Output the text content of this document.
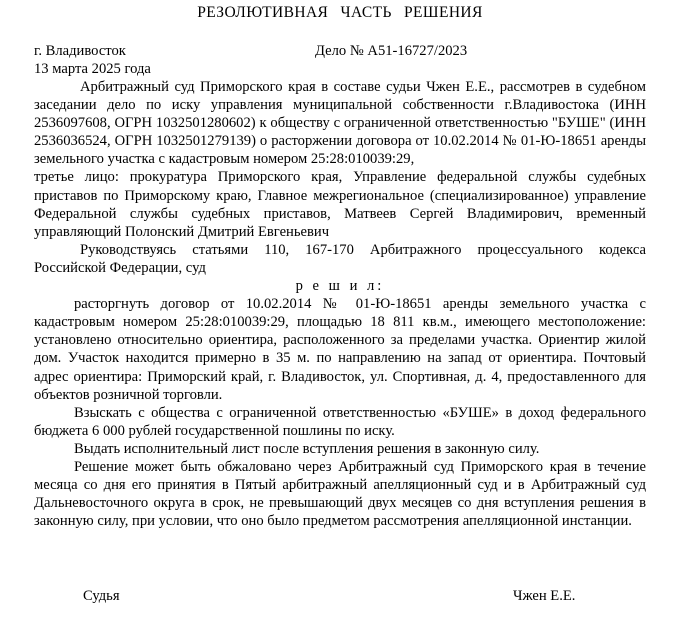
РЕЗОЛЮТИВНАЯ ЧАСТЬ РЕШЕНИЯ
г. Владивосток	Дело № А51-16727/2023
13 марта 2025 года

Арбитражный суд Приморского края в составе судьи Чжен Е.Е., рассмотрев в судебном заседании дело по иску управления муниципальной собственности г.Владивостока (ИНН 2536097608, ОГРН 1032501280602) к обществу с ограниченной ответственностью "БУШЕ" (ИНН 2536036524, ОГРН 1032501279139) о расторжении договора от 10.02.2014 № 01-Ю-18651 аренды земельного участка с кадастровым номером 25:28:010039:29,

третье лицо: прокуратура Приморского края, Управление федеральной службы судебных приставов по Приморскому краю, Главное межрегиональное (специализированное) управление Федеральной службы судебных приставов, Матвеев Сергей Владимирович, временный управляющий Полонский Дмитрий Евгеньевич

Руководствуясь статьями 110, 167-170 Арбитражного процессуального кодекса Российской Федерации, суд

р е ш и л:

расторгнуть договор от 10.02.2014 № 01-Ю-18651 аренды земельного участка с кадастровым номером 25:28:010039:29, площадью 18 811 кв.м., имеющего местоположение: установлено относительно ориентира, расположенного за пределами участка. Ориентир жилой дом. Участок находится примерно в 35 м. по направлению на запад от ориентира. Почтовый адрес ориентира: Приморский край, г. Владивосток, ул. Спортивная, д. 4, предоставленного для объектов розничной торговли.

Взыскать с общества с ограниченной ответственностью «БУШЕ» в доход федерального бюджета 6 000 рублей государственной пошлины по иску.

Выдать исполнительный лист после вступления решения в законную силу.

Решение может быть обжаловано через Арбитражный суд Приморского края в течение месяца со дня его принятия в Пятый арбитражный апелляционный суд и в Арбитражный суд Дальневосточного округа в срок, не превышающий двух месяцев со дня вступления решения в законную силу, при условии, что оно было предметом рассмотрения апелляционной инстанции.

Судья	Чжен Е.Е.
